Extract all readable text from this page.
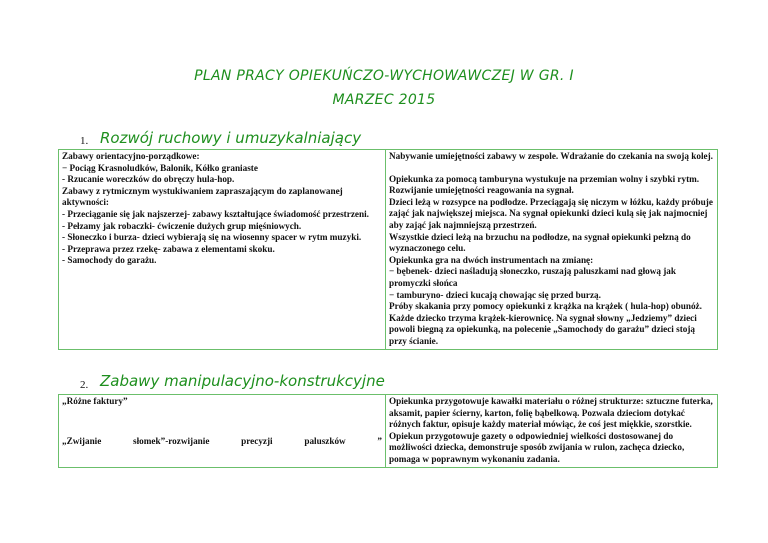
PLAN PRACY OPIEKUŃCZO-WYCHOWAWCZEJ W GR. I
MARZEC 2015
1. Rozwój ruchowy i umuzykalniający
Zabawy orientacyjno-porządkowe:
− Pociąg Krasnoludków, Balonik, Kółko graniaste
- Rzucanie woreczków do obręczy hula-hop.
Zabawy z rytmicznym wystukiwaniem zapraszającym do zaplanowanej aktywności:
- Przeciąganie się jak najszerzej- zabawy kształtujące świadomość przestrzeni.
- Pełzamy jak robaczki- ćwiczenie dużych grup mięśniowych.
- Słoneczko i burza- dzieci wybierają się na wiosenny spacer w rytm muzyki.
- Przeprawa przez rzekę- zabawa z elementami skoku.
- Samochody do garażu.

Nabywanie umiejętności zabawy w zespole. Wdrażanie do czekania na swoją kolej.
Opiekunka za pomocą tamburyna wystukuje na przemian wolny i szybki rytm. Rozwijanie umiejętności reagowania na sygnał.
Dzieci leżą w rozsypce na podłodze. Przeciągają się niczym w łóżku, każdy próbuje zająć jak największej miejsca. Na sygnał opiekunki dzieci kulą się jak najmocniej aby zająć jak najmniejszą przestrzeń.
Wszystkie dzieci leżą na brzuchu na podłodze, na sygnał opiekunki pełzną do wyznaczonego celu.
Opiekunka gra na dwóch instrumentach na zmianę:
− bębenek- dzieci naśladują słoneczko, ruszają paluszkami nad głową jak promyczki słońca
− tamburyno- dzieci kucają chowając się przed burzą.
Próby skakania przy pomocy opiekunki z krążka na krążek ( hula-hop) obunóż.
Każde dziecko trzyma krążek-kierownicę. Na sygnał słowny „Jedziemy” dzieci powoli biegną za opiekunką, na polecenie „Samochody do garażu” dzieci stoją przy ścianie.
2. Zabawy manipulacyjno-konstrukcyjne
„Różne faktury”
„Zwijanie	słomek”-rozwijanie	precyzji	paluszków	”

Opiekunka przygotowuje kawałki materiału o różnej strukturze: sztuczne futerka, aksamit, papier ścierny, karton, folię bąbelkową. Pozwala dzieciom dotykać różnych faktur, opisuje każdy materiał mówiąc, że coś jest miękkie, szorstkie.
Opiekun przygotowuje gazety o odpowiedniej wielkości dostosowanej do możliwości dziecka, demonstruje sposób zwijania w rulon, zachęca dziecko, pomaga w poprawnym wykonaniu zadania.
